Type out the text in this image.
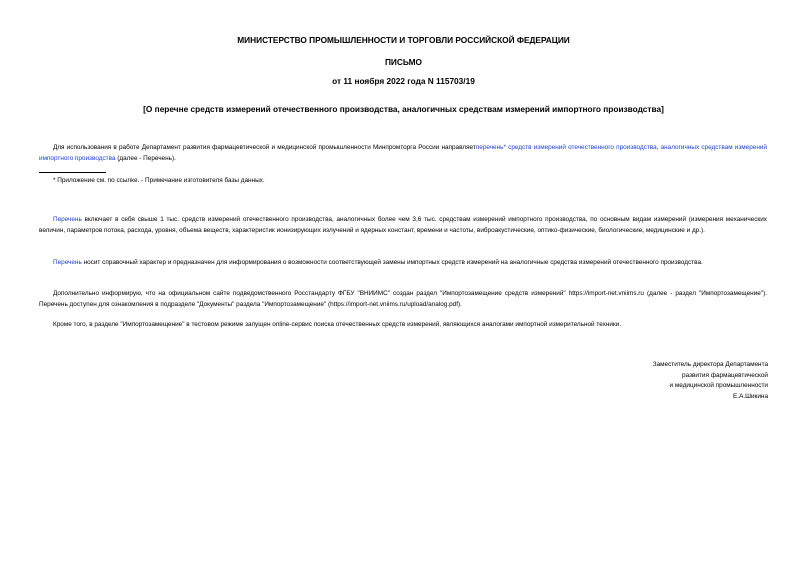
МИНИСТЕРСТВО ПРОМЫШЛЕННОСТИ И ТОРГОВЛИ РОССИЙСКОЙ ФЕДЕРАЦИИ
ПИСЬМО
от 11 ноября 2022 года N 115703/19
[О перечне средств измерений отечественного производства, аналогичных средствам измерений импортного производства]
Для использования в работе Департамент развития фармацевтической и медицинской промышленности Минпромторга России направляетперечень* средств измерений отечественного производства, аналогичных средствам измерений импортного производства (далее - Перечень).
* Приложение см. по ссылке. - Примечание изготовителя базы данных.
Перечень включает в себя свыше 1 тыс. средств измерений отечественного производства, аналогичных более чем 3,6 тыс. средствам измерений импортного производства, по основным видам измерений (измерения механических величин, параметров потока, расхода, уровня, объема веществ, характеристик ионизирующих излучений и ядерных констант, времени и частоты, виброакустические, оптико-физические, биологические, медицинские и др.).
Перечень носит справочный характер и предназначен для информирования о возможности соответствующей замены импортных средств измерений на аналогичные средства измерений отечественного производства.
Дополнительно информирую, что на официальном сайте подведомственного Росстандарту ФГБУ "ВНИИМС" создан раздел "Импортозамещение средств измерений" https://import-net.vniims.ru (далее - раздел "Импортозамещение"). Перечень доступен для ознакомления в подразделе "Документы" раздела "Импортозамещение" (https://import-net.vniims.ru/upload/analog.pdf).
Кроме того, в разделе "Импортозамещение" в тестовом режиме запущен online-сервис поиска отечественных средств измерений, являющихся аналогами импортной измерительной техники.
Заместитель директора Департамента
развития фармацевтической
и медицинской промышленности
Е.А.Шикина
